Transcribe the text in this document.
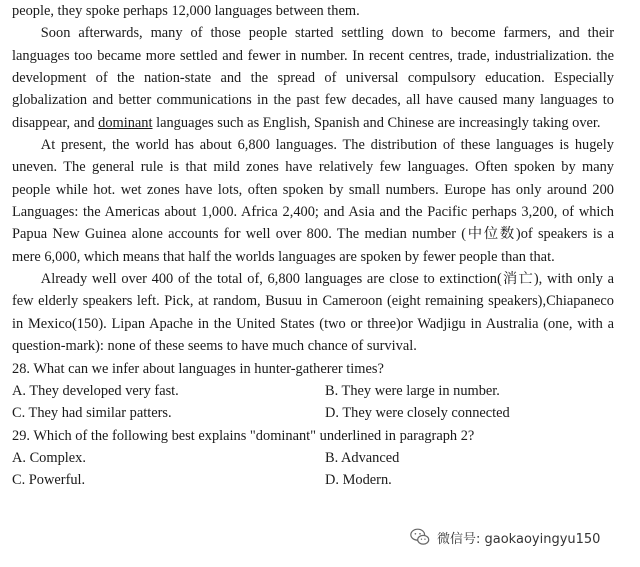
people, they spoke perhaps 12,000 languages between them.

Soon afterwards, many of those people started settling down to become farmers, and their languages too became more settled and fewer in number. In recent centres, trade, industrialization. the development of the nation-state and the spread of universal compulsory education. Especially globalization and better communications in the past few decades, all have caused many languages to disappear, and dominant languages such as English, Spanish and Chinese are increasingly taking over.

At present, the world has about 6,800 languages. The distribution of these languages is hugely uneven. The general rule is that mild zones have relatively few languages. Often spoken by many people while hot. wet zones have lots, often spoken by small numbers. Europe has only around 200 Languages: the Americas about 1,000. Africa 2,400; and Asia and the Pacific perhaps 3,200, of which Papua New Guinea alone accounts for well over 800. The median number (中位数)of speakers is a mere 6,000, which means that half the worlds languages are spoken by fewer people than that.

Already well over 400 of the total of, 6,800 languages are close to extinction(消亡), with only a few elderly speakers left. Pick, at random, Busuu in Cameroon (eight remaining speakers),Chiapaneco in Mexico(150). Lipan Apache in the United States (two or three)or Wadjigu in Australia (one, with a question-mark): none of these seems to have much chance of survival.

28. What can we infer about languages in hunter-gatherer times?

A. They developed very fast.	B. They were large in number.
C. They had similar patters.	D. They were closely connected

29. Which of the following best explains "dominant" underlined in paragraph 2?

A. Complex.	B. Advanced
C. Powerful.	D. Modern.
微信号: gaokaoyingyu150
